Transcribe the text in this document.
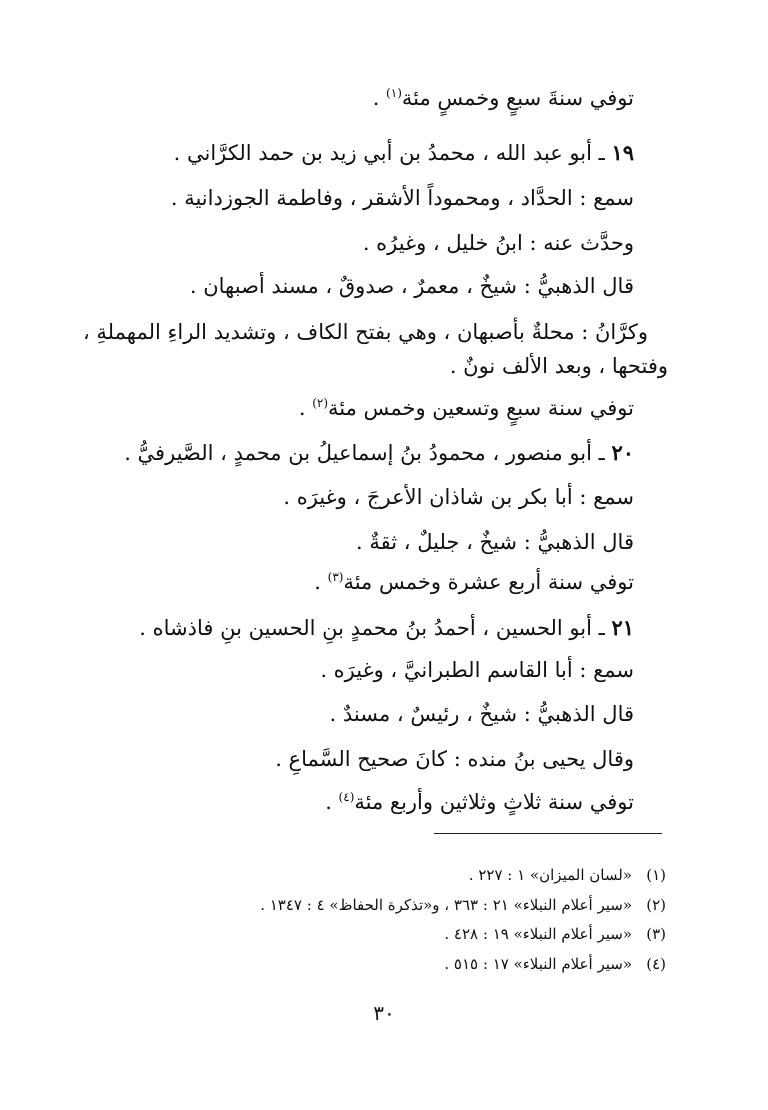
توفي سنةَ سبعٍ وخمسٍ مئة$^{(١)}$ .
١٩ ـ أبو عبد الله ، محمدُ بن أبي زيد بن حمد الكرَّاني .
سمع : الحدَّاد ، ومحموداً الأشقر ، وفاطمة الجوزدانية .
وحدَّث عنه : ابنُ خليل ، وغيرُه .
قال الذهبيُّ : شيخٌ ، معمرٌ ، صدوقٌ ، مسند أصبهان .
وكرَّانُ : محلةٌ بأصبهان ، وهي بفتح الكاف ، وتشديد الراءِ المهملةِ ،
وفتحها ، وبعد الألف نونٌ .
توفي سنة سبعٍ وتسعين وخمس مئة$^{(٢)}$ .
٢٠ ـ أبو منصور ، محمودُ بنُ إسماعيلُ بن محمدٍ ، الصَّيرفيُّ .
سمع : أبا بكر بن شاذان الأعرجَ ، وغيرَه .
قال الذهبيُّ : شيخٌ ، جليلٌ ، ثقةٌ .
توفي سنة أربع عشرة وخمس مئة$^{(٣)}$ .
٢١ ـ أبو الحسين ، أحمدُ بنُ محمدٍ بنِ الحسين بنِ فاذشاه .
سمع : أبا القاسم الطبرانيَّ ، وغيرَه .
قال الذهبيُّ : شيخٌ ، رئيسٌ ، مسندٌ .
وقال يحيى بنُ منده : كانَ صحيح السَّماعِ .
توفي سنة ثلاثٍ وثلاثين وأربع مئة$^{(٤)}$ .
(١)«لسان الميزان» ١ : ٢٢٧ .
(٢)«سير أعلام النبلاء» ٢١ : ٣٦٣ ، و«تذكرة الحفاظ» ٤ : ١٣٤٧ .
(٣)«سير أعلام النبلاء» ١٩ : ٤٢٨ .
(٤)«سير أعلام النبلاء» ١٧ : ٥١٥ .
٣٠
